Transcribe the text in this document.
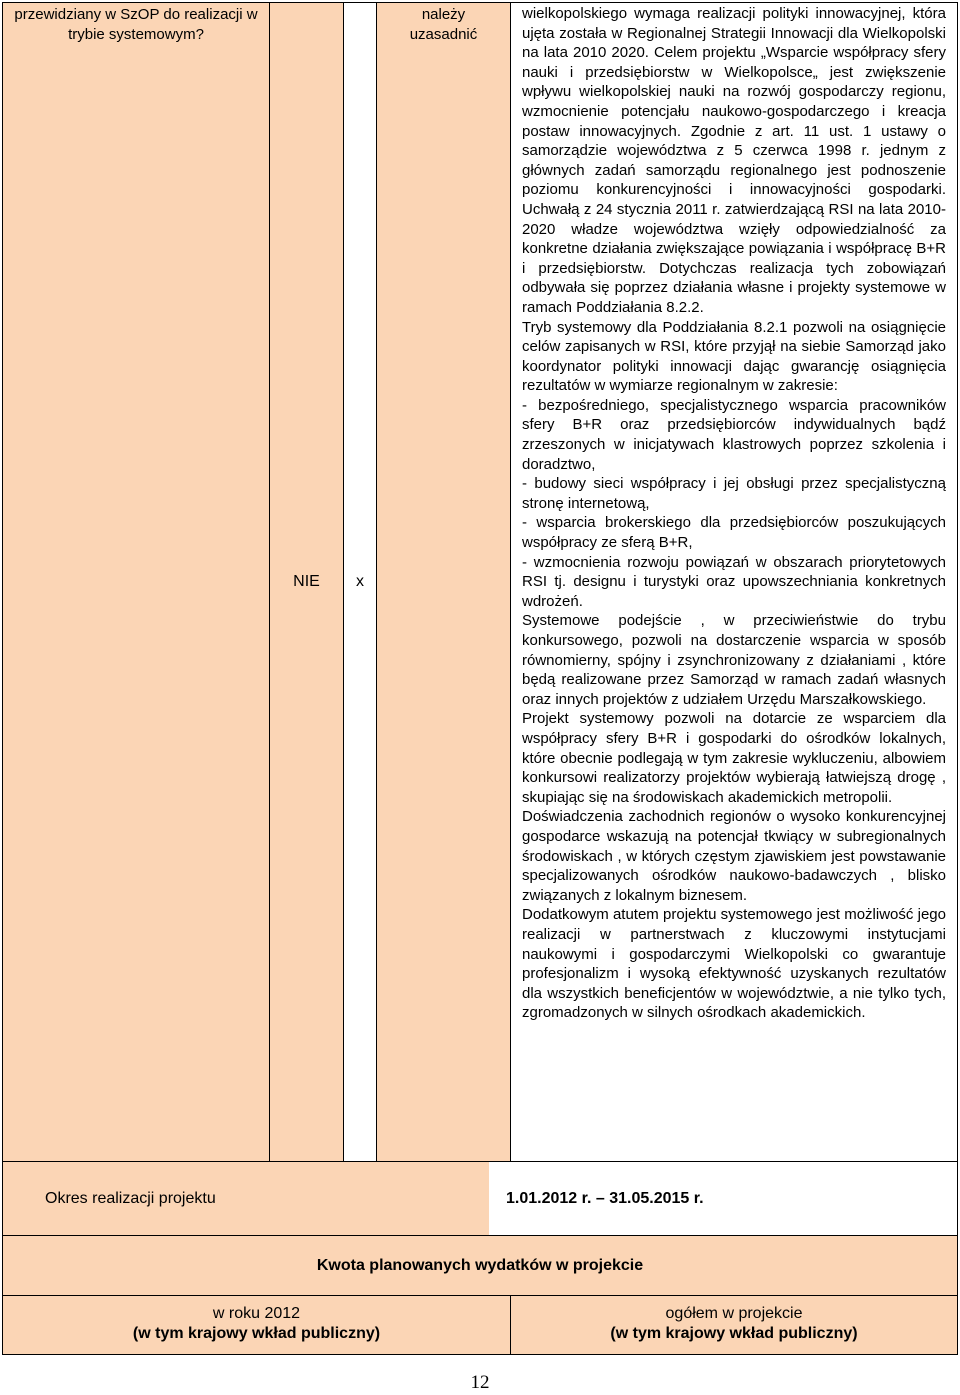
przewidziany w SzOP do realizacji w trybie systemowym?
NIE x
należy uzasadnić

wielkopolskiego wymaga realizacji polityki innowacyjnej, która ujęta została w Regionalnej Strategii Innowacji dla Wielkopolski na lata 2010 2020. Celem projektu „Wsparcie współpracy sfery nauki i przedsiębiorstw w Wielkopolsce„ jest zwiększenie wpływu wielkopolskiej nauki na rozwój gospodarczy regionu, wzmocnienie potencjału naukowo-gospodarczego i kreacja postaw innowacyjnych. Zgodnie z art. 11 ust. 1 ustawy o samorządzie województwa z 5 czerwca 1998 r. jednym z głównych zadań samorządu regionalnego jest podnoszenie poziomu konkurencyjności i innowacyjności gospodarki. Uchwałą z 24 stycznia 2011 r. zatwierdzającą RSI na lata 2010-2020 władze województwa wzięły odpowiedzialność za konkretne działania zwiększające powiązania i współpracę B+R i przedsiębiorstw. Dotychczas realizacja tych zobowiązań odbywała się poprzez działania własne i projekty systemowe w ramach Poddziałania 8.2.2.

Tryb systemowy dla Poddziałania 8.2.1 pozwoli na osiągnięcie celów zapisanych w RSI, które przyjął na siebie Samorząd jako koordynator polityki innowacji dając gwarancję osiągnięcia rezultatów w wymiarze regionalnym w zakresie:

- bezpośredniego, specjalistycznego wsparcia pracowników sfery B+R oraz przedsiębiorców indywidualnych bądź zrzeszonych w inicjatywach klastrowych poprzez szkolenia i doradztwo,

- budowy sieci współpracy i jej obsługi przez specjalistyczną stronę internetową,

- wsparcia brokerskiego dla przedsiębiorców poszukujących współpracy ze sferą B+R,

- wzmocnienia rozwoju powiązań w obszarach priorytetowych RSI tj. designu i turystyki oraz upowszechniania konkretnych wdrożeń.

Systemowe podejście , w przeciwieństwie do trybu konkursowego, pozwoli na dostarczenie wsparcia w sposób równomierny, spójny i zsynchronizowany z działaniami , które będą realizowane przez Samorząd w ramach zadań własnych oraz innych projektów z udziałem Urzędu Marszałkowskiego.

Projekt systemowy pozwoli na dotarcie ze wsparciem dla współpracy sfery B+R i gospodarki do ośrodków lokalnych, które obecnie podlegają w tym zakresie wykluczeniu, albowiem konkursowi realizatorzy projektów wybierają łatwiejszą drogę , skupiając się na środowiskach akademickich metropolii.

Doświadczenia zachodnich regionów o wysoko konkurencyjnej gospodarce wskazują na potencjał tkwiący w subregionalnych środowiskach , w których częstym zjawiskiem jest powstawanie specjalizowanych ośrodków naukowo-badawczych , blisko związanych z lokalnym biznesem.

Dodatkowym atutem projektu systemowego jest możliwość jego realizacji w partnerstwach z kluczowymi instytucjami naukowymi i gospodarczymi Wielkopolski co gwarantuje profesjonalizm i wysoką efektywność uzyskanych rezultatów dla wszystkich beneficjentów w województwie, a nie tylko tych, zgromadzonych w silnych ośrodkach akademickich.

Okres realizacji projektu	1.01.2012 r. – 31.05.2015 r.
Kwota planowanych wydatków w projekcie
w roku 2012
(w tym krajowy wkład publiczny)
ogółem w projekcie
(w tym krajowy wkład publiczny)
12
